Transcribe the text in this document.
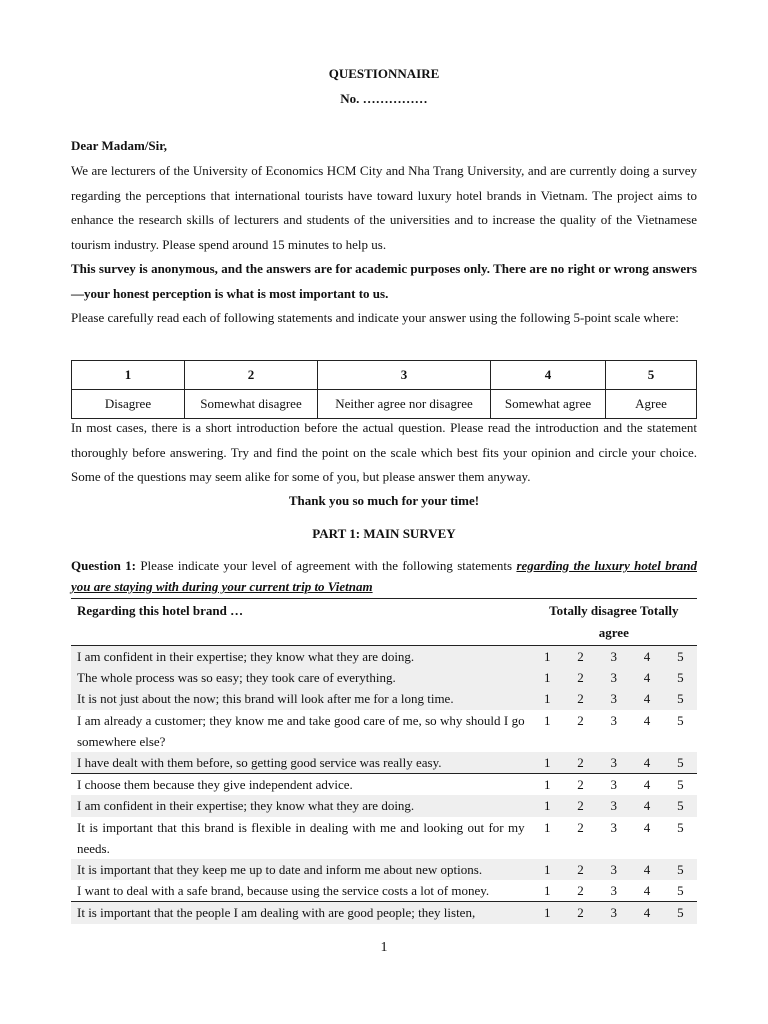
QUESTIONNAIRE
No. ……………
Dear Madam/Sir,
We are lecturers of the University of Economics HCM City and Nha Trang University, and are currently doing a survey regarding the perceptions that international tourists have toward luxury hotel brands in Vietnam. The project aims to enhance the research skills of lecturers and students of the universities and to increase the quality of the Vietnamese tourism industry. Please spend around 15 minutes to help us.
This survey is anonymous, and the answers are for academic purposes only. There are no right or wrong answers—your honest perception is what is most important to us.
Please carefully read each of following statements and indicate your answer using the following 5-point scale where:
1	2	3	4	5
Disagree	Somewhat disagree	Neither agree nor disagree	Somewhat agree	Agree
In most cases, there is a short introduction before the actual question. Please read the introduction and the statement thoroughly before answering. Try and find the point on the scale which best fits your opinion and circle your choice. Some of the questions may seem alike for some of you, but please answer them anyway.
Thank you so much for your time!
PART 1: MAIN SURVEY
Question 1: Please indicate your level of agreement with the following statements regarding the luxury hotel brand you are staying with during your current trip to Vietnam
Regarding this hotel brand …	Totally disagree Totally agree				
I am confident in their expertise; they know what they are doing.	1	2	3	4	5
The whole process was so easy; they took care of everything.	1	2	3	4	5
It is not just about the now; this brand will look after me for a long time.	1	2	3	4	5
I am already a customer; they know me and take good care of me, so why should I go somewhere else?	1	2	3	4	5
I have dealt with them before, so getting good service was really easy.	1	2	3	4	5
I choose them because they give independent advice.	1	2	3	4	5
I am confident in their expertise; they know what they are doing.	1	2	3	4	5
It is important that this brand is flexible in dealing with me and looking out for my needs.	1	2	3	4	5
It is important that they keep me up to date and inform me about new options.	1	2	3	4	5
I want to deal with a safe brand, because using the service costs a lot of money.	1	2	3	4	5
It is important that the people I am dealing with are good people; they listen,	1	2	3	4	5
1
